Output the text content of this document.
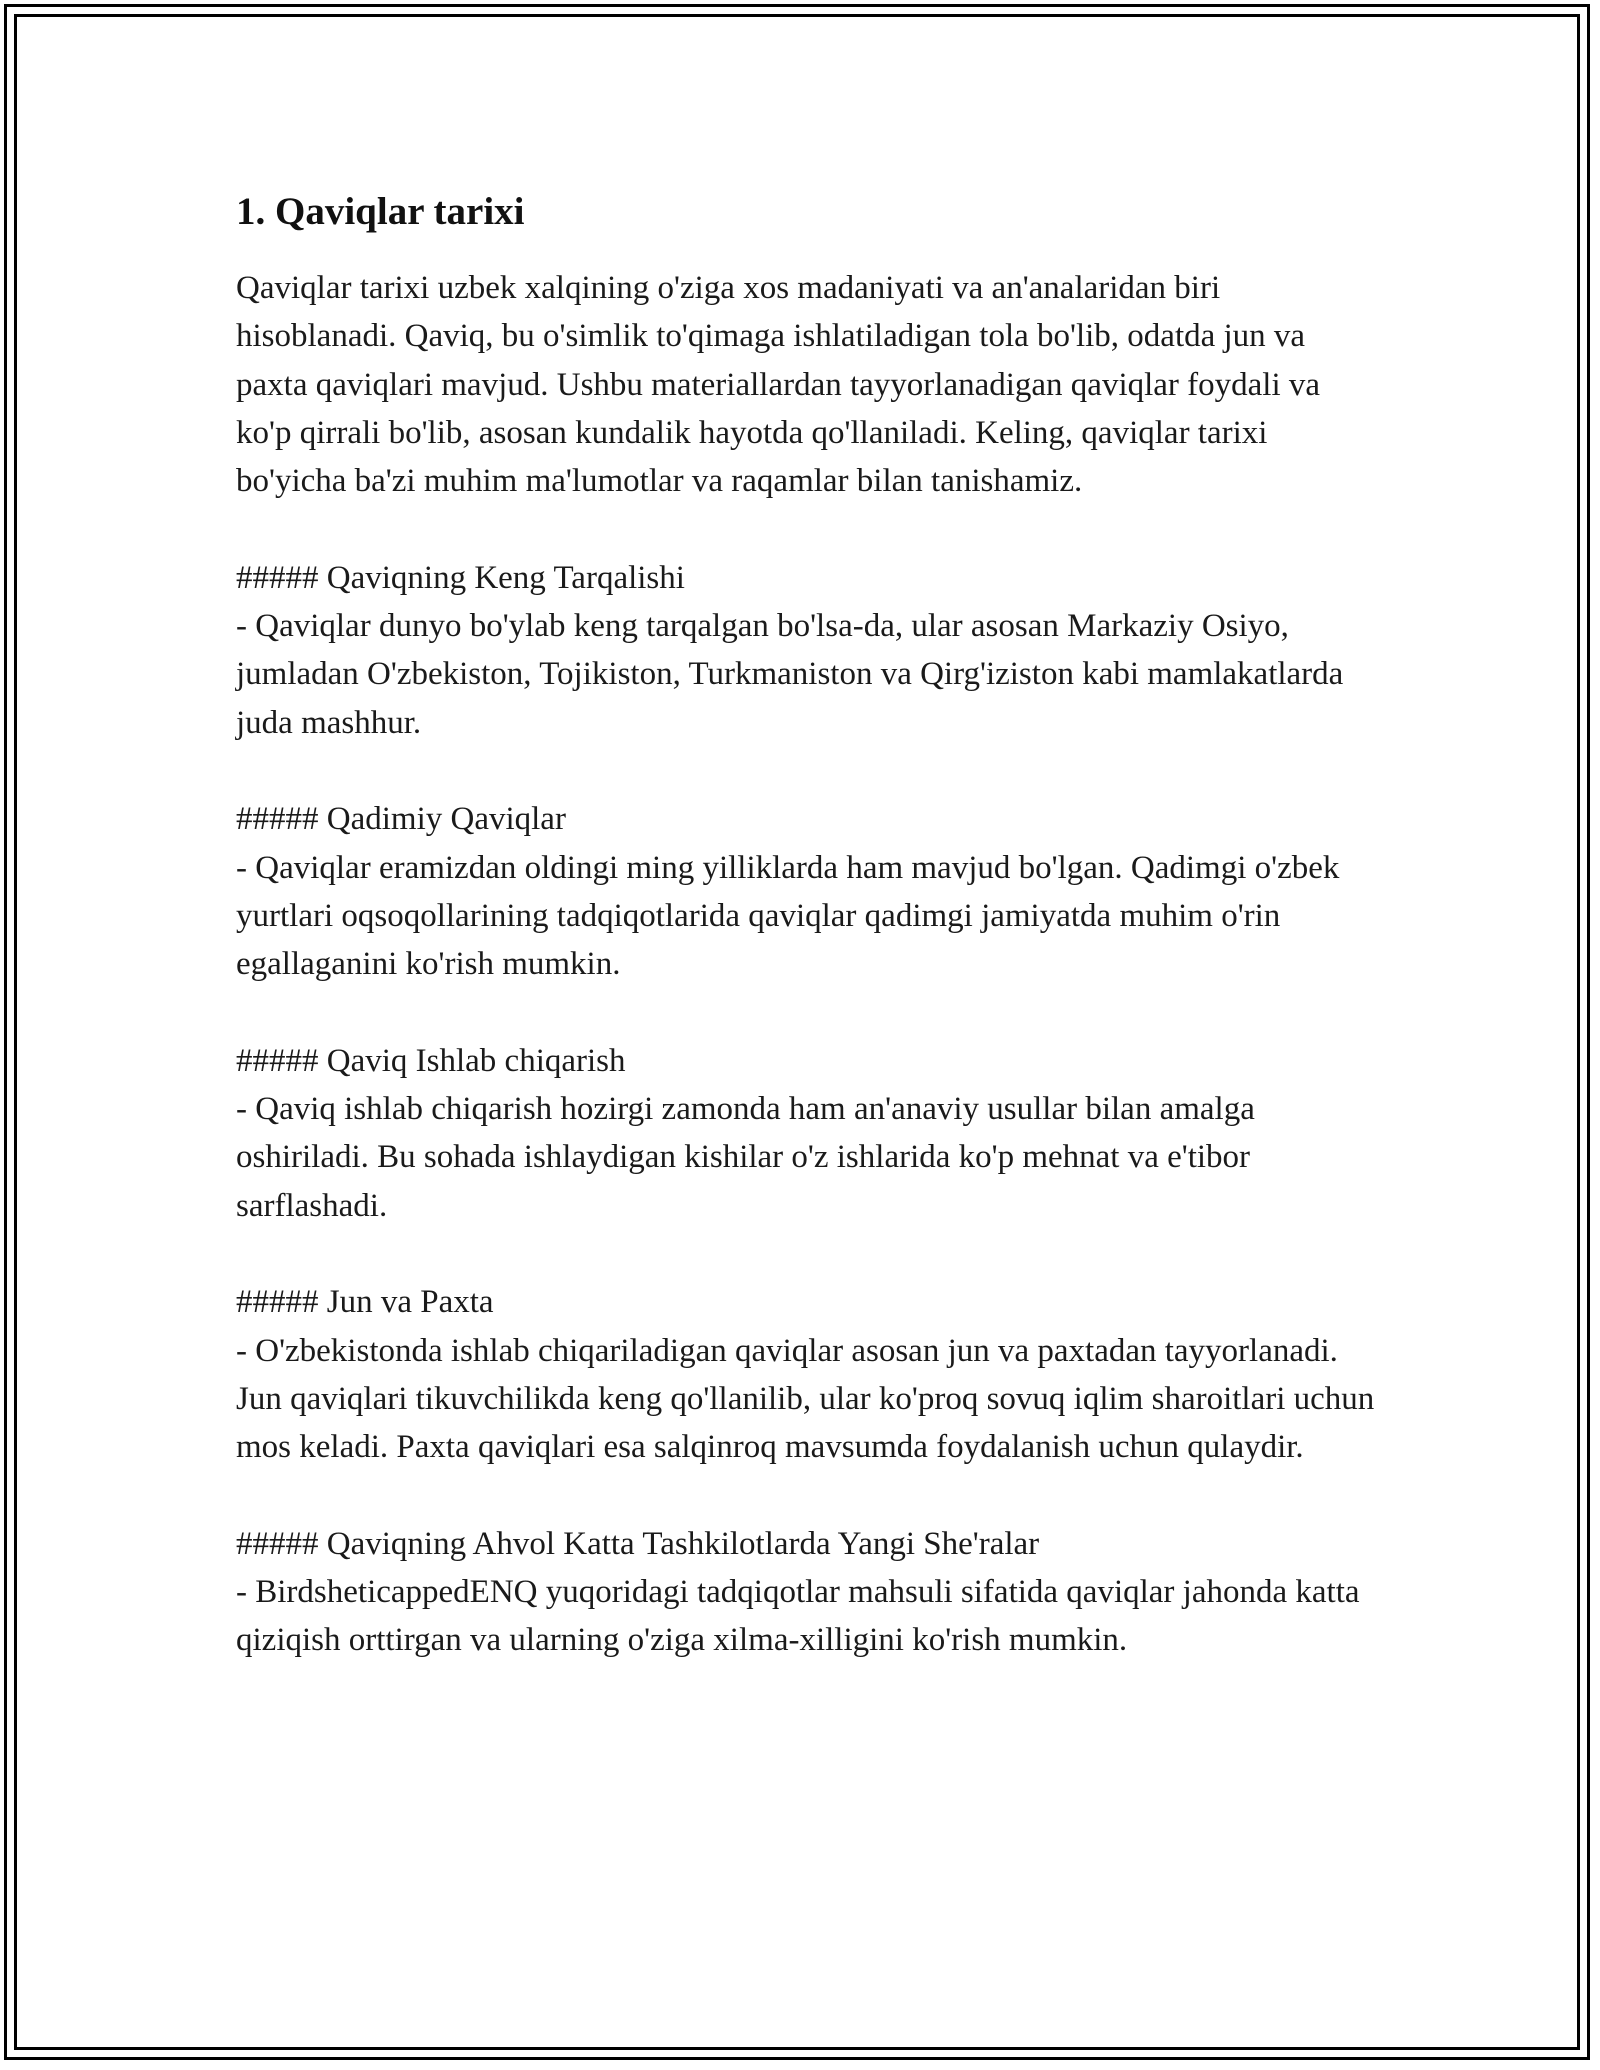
1. Qaviqlar tarixi

Qaviqlar tarixi uzbek xalqining o'ziga xos madaniyati va an'analaridan biri hisoblanadi. Qaviq, bu o'simlik to'qimaga ishlatiladigan tola bo'lib, odatda jun va paxta qaviqlari mavjud. Ushbu materiallardan tayyorlanadigan qaviqlar foydali va ko'p qirrali bo'lib, asosan kundalik hayotda qo'llaniladi. Keling, qaviqlar tarixi bo'yicha ba'zi muhim ma'lumotlar va raqamlar bilan tanishamiz.

##### Qaviqning Keng Tarqalishi

- Qaviqlar dunyo bo'ylab keng tarqalgan bo'lsa-da, ular asosan Markaziy Osiyo, jumladan O'zbekiston, Tojikiston, Turkmaniston va Qirg'iziston kabi mamlakatlarda juda mashhur.

##### Qadimiy Qaviqlar

- Qaviqlar eramizdan oldingi ming yilliklarda ham mavjud bo'lgan. Qadimgi o'zbek yurtlari oqsoqollarining tadqiqotlarida qaviqlar qadimgi jamiyatda muhim o'rin egallaganini ko'rish mumkin.

##### Qaviq Ishlab chiqarish

- Qaviq ishlab chiqarish hozirgi zamonda ham an'anaviy usullar bilan amalga oshiriladi. Bu sohada ishlaydigan kishilar o'z ishlarida ko'p mehnat va e'tibor sarflashadi.

##### Jun va Paxta

- O'zbekistonda ishlab chiqariladigan qaviqlar asosan jun va paxtadan tayyorlanadi. Jun qaviqlari tikuvchilikda keng qo'llanilib, ular ko'proq sovuq iqlim sharoitlari uchun mos keladi. Paxta qaviqlari esa salqinroq mavsumda foydalanish uchun qulaydir.

##### Qaviqning Ahvol Katta Tashkilotlarda Yangi She'ralar

- BirdsheticappedENQ yuqoridagi tadqiqotlar mahsuli sifatida qaviqlar jahonda katta qiziqish orttirgan va ularning o'ziga xilma-xilligini ko'rish mumkin.
